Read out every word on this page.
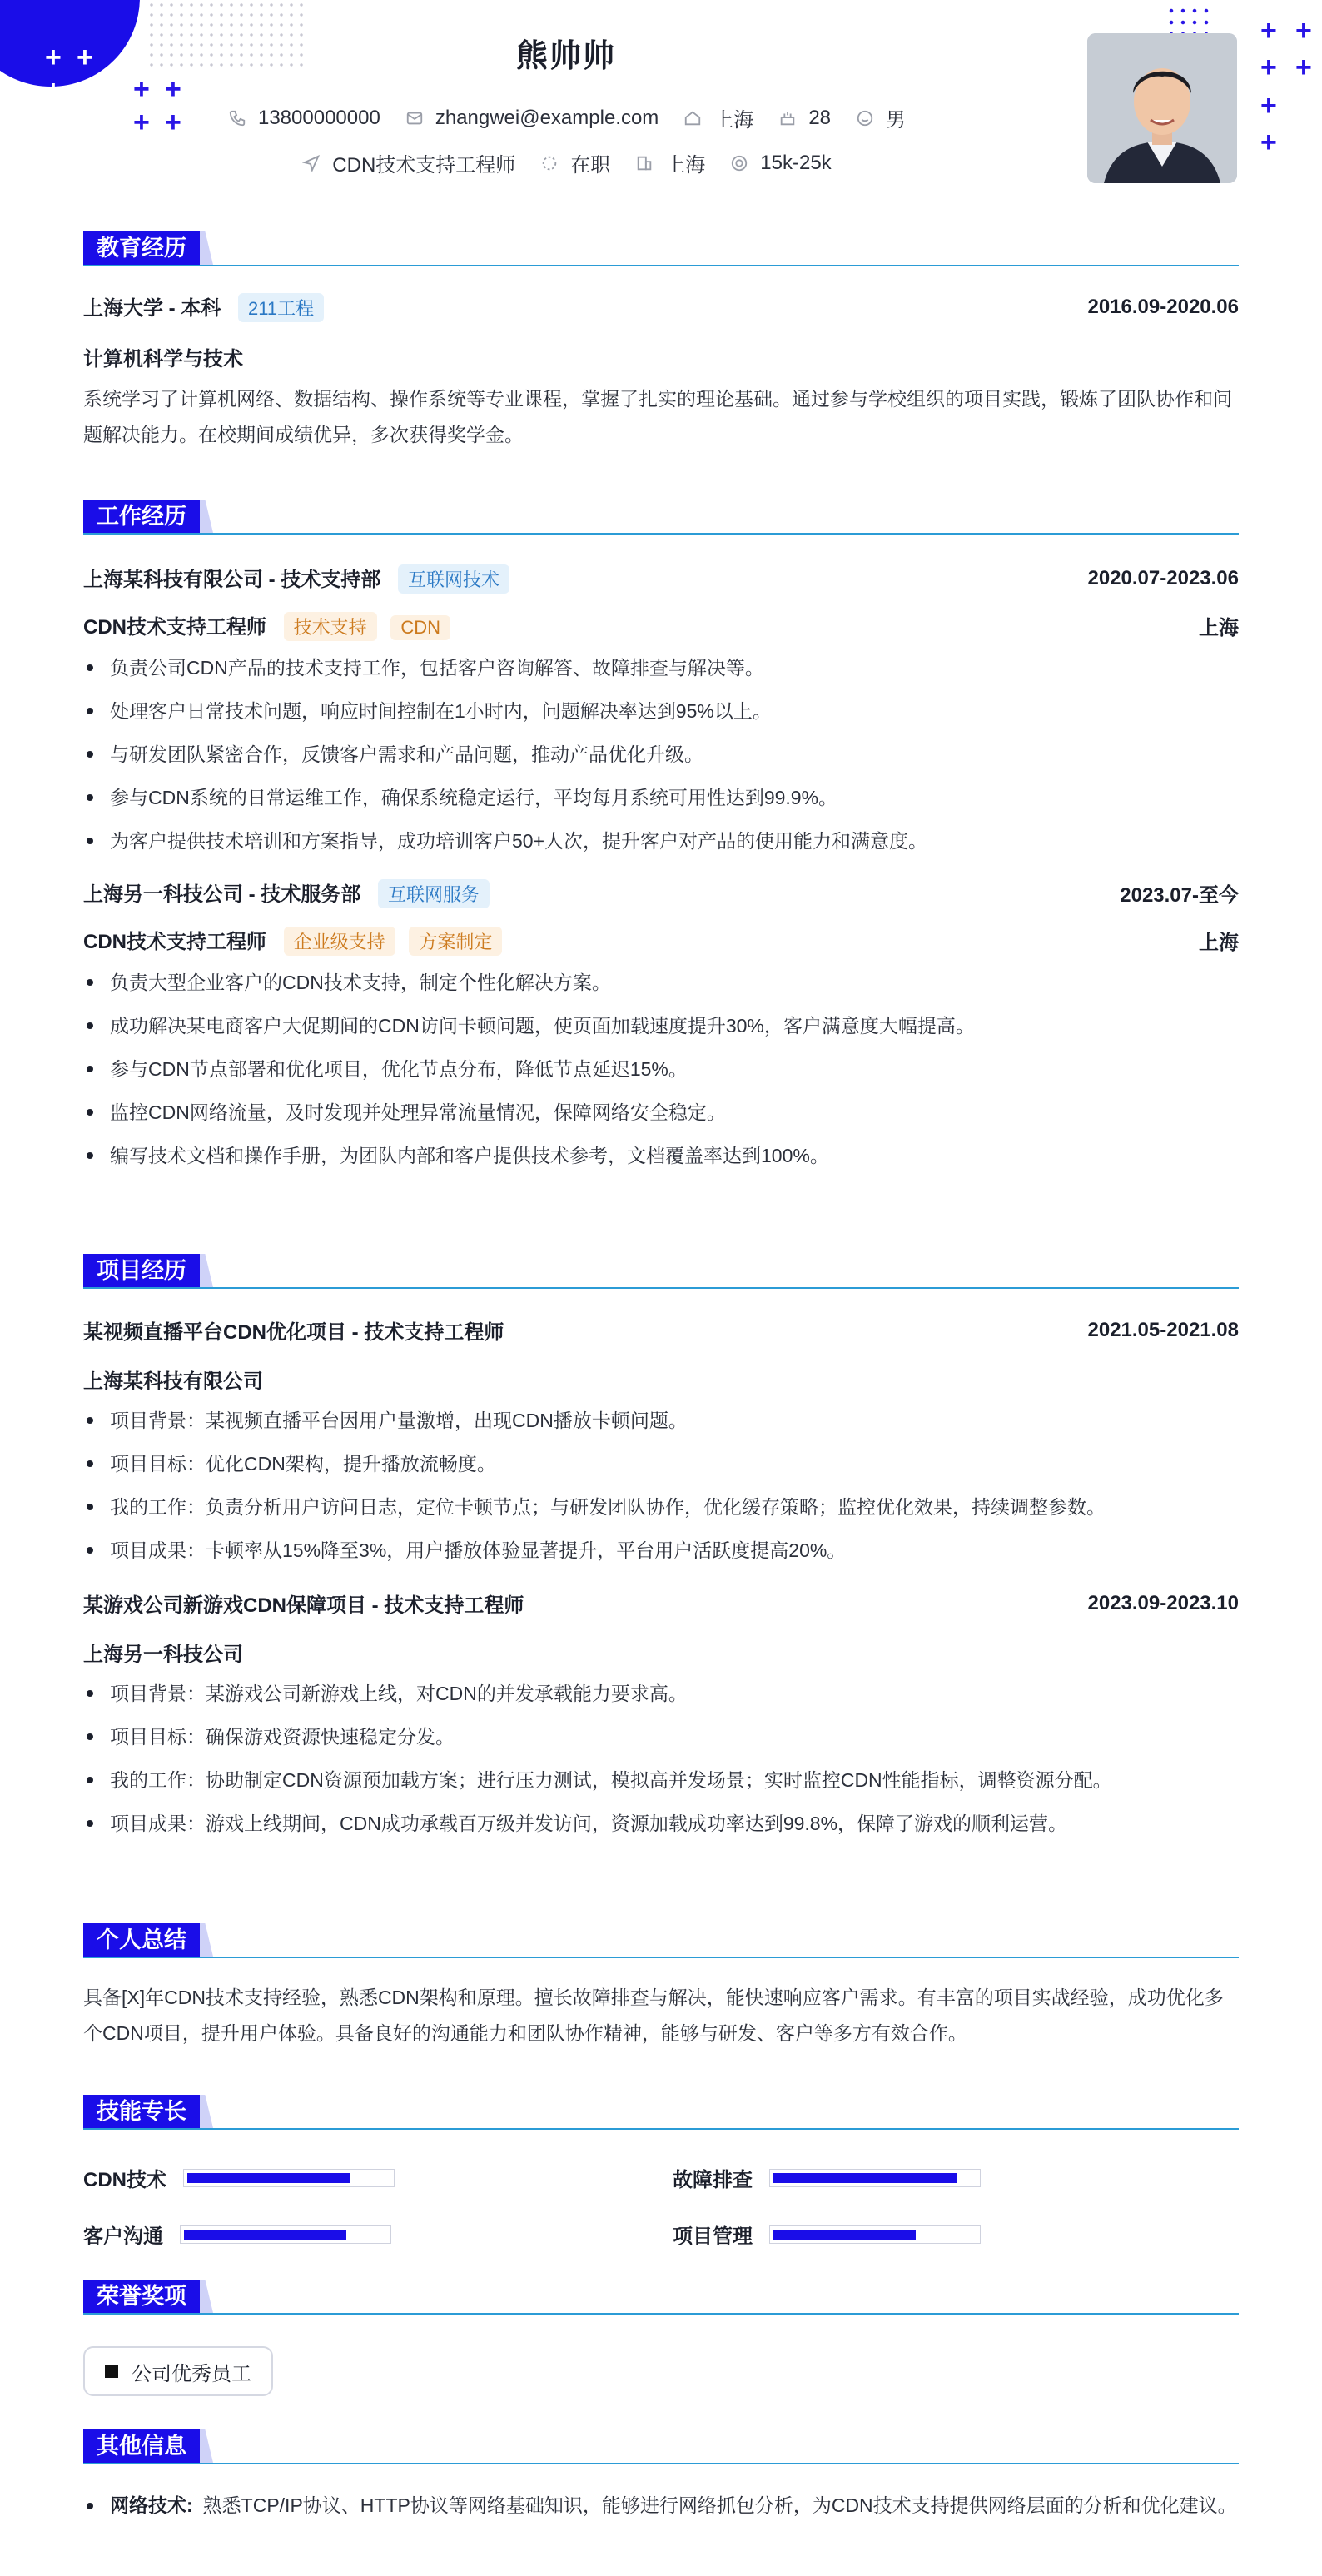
+ +
+ + + +
+ +
+ +
+ +
+
+
熊帅帅
13800000000	zhangwei@example.com	上海	28	男
CDN技术支持工程师	在职	上海	15k-25k
教育经历
上海大学 - 本科 211工程	2016.09-2020.06
计算机科学与技术
系统学习了计算机网络、数据结构、操作系统等专业课程，掌握了扎实的理论基础。通过参与学校组织的项目实践，锻炼了团队协作和问题解决能力。在校期间成绩优异，多次获得奖学金。
工作经历
上海某科技有限公司 - 技术支持部 互联网技术	2020.07-2023.06
CDN技术支持工程师 技术支持 CDN	上海
负责公司CDN产品的技术支持工作，包括客户咨询解答、故障排查与解决等。
处理客户日常技术问题，响应时间控制在1小时内，问题解决率达到95%以上。
与研发团队紧密合作，反馈客户需求和产品问题，推动产品优化升级。
参与CDN系统的日常运维工作，确保系统稳定运行，平均每月系统可用性达到99.9%。
为客户提供技术培训和方案指导，成功培训客户50+人次，提升客户对产品的使用能力和满意度。
上海另一科技公司 - 技术服务部 互联网服务	2023.07-至今
CDN技术支持工程师 企业级支持 方案制定	上海
负责大型企业客户的CDN技术支持，制定个性化解决方案。
成功解决某电商客户大促期间的CDN访问卡顿问题，使页面加载速度提升30%，客户满意度大幅提高。
参与CDN节点部署和优化项目，优化节点分布，降低节点延迟15%。
监控CDN网络流量，及时发现并处理异常流量情况，保障网络安全稳定。
编写技术文档和操作手册，为团队内部和客户提供技术参考，文档覆盖率达到100%。
项目经历
某视频直播平台CDN优化项目 - 技术支持工程师	2021.05-2021.08
上海某科技有限公司
项目背景：某视频直播平台因用户量激增，出现CDN播放卡顿问题。
项目目标：优化CDN架构，提升播放流畅度。
我的工作：负责分析用户访问日志，定位卡顿节点；与研发团队协作，优化缓存策略；监控优化效果，持续调整参数。
项目成果：卡顿率从15%降至3%，用户播放体验显著提升，平台用户活跃度提高20%。
某游戏公司新游戏CDN保障项目 - 技术支持工程师	2023.09-2023.10
上海另一科技公司
项目背景：某游戏公司新游戏上线，对CDN的并发承载能力要求高。
项目目标：确保游戏资源快速稳定分发。
我的工作：协助制定CDN资源预加载方案；进行压力测试，模拟高并发场景；实时监控CDN性能指标，调整资源分配。
项目成果：游戏上线期间，CDN成功承载百万级并发访问，资源加载成功率达到99.8%，保障了游戏的顺利运营。
个人总结
具备[X]年CDN技术支持经验，熟悉CDN架构和原理。擅长故障排查与解决，能快速响应客户需求。有丰富的项目实战经验，成功优化多个CDN项目，提升用户体验。具备良好的沟通能力和团队协作精神，能够与研发、客户等多方有效合作。
技能专长
CDN技术	故障排查
客户沟通	项目管理
荣誉奖项
公司优秀员工
其他信息
网络技术: 熟悉TCP/IP协议、HTTP协议等网络基础知识，能够进行网络抓包分析，为CDN技术支持提供网络层面的分析和优化建议。
